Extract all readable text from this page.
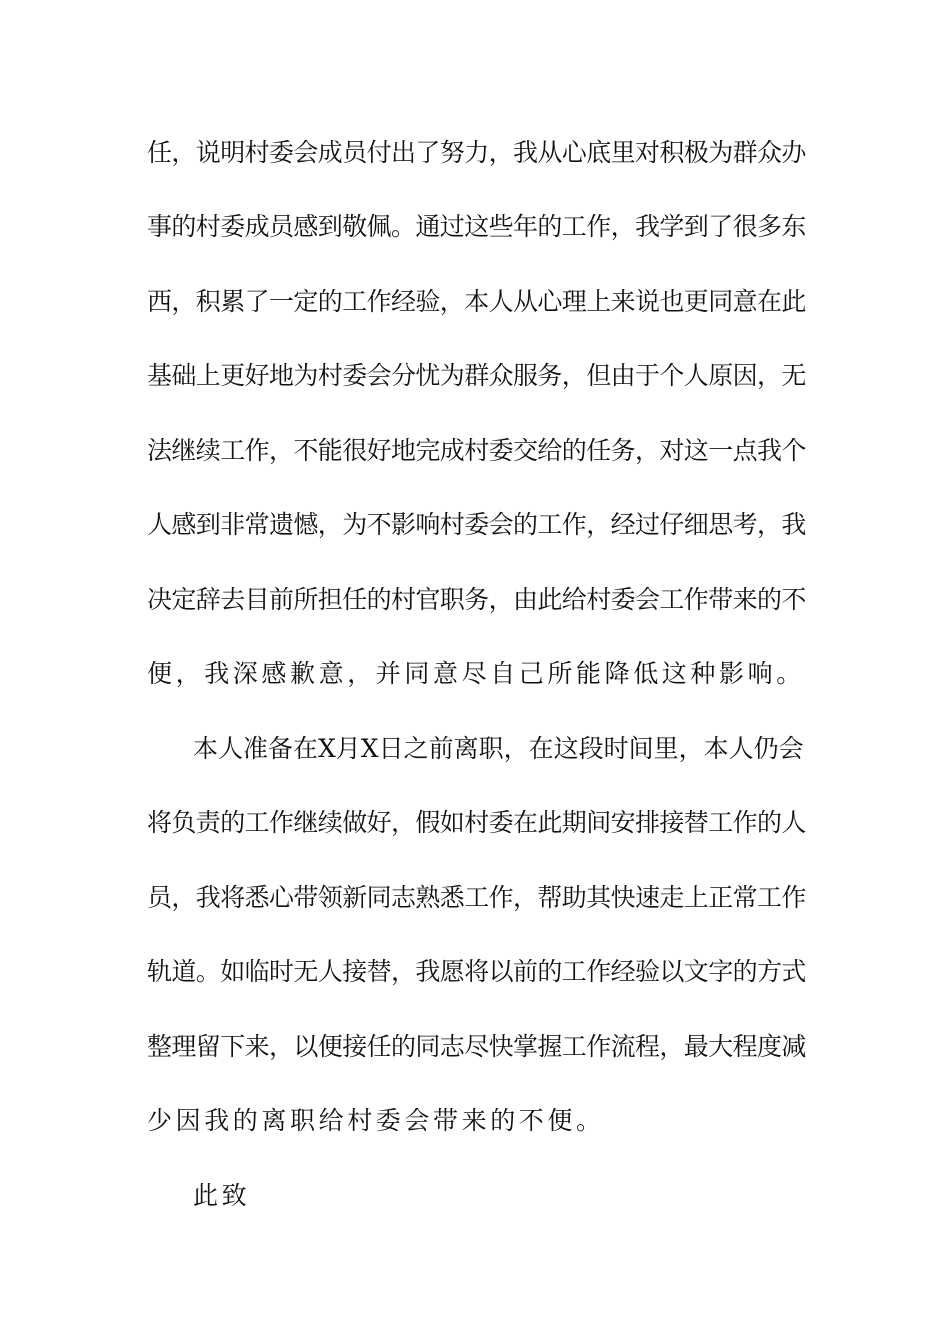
任，说明村委会成员付出了努力，我从心底里对积极为群众办
事的村委成员感到敬佩。通过这些年的工作，我学到了很多东
西，积累了一定的工作经验，本人从心理上来说也更同意在此
基础上更好地为村委会分忧为群众服务，但由于个人原因，无
法继续工作，不能很好地完成村委交给的任务，对这一点我个
人感到非常遗憾，为不影响村委会的工作，经过仔细思考，我
决定辞去目前所担任的村官职务，由此给村委会工作带来的不
便，我深感歉意，并同意尽自己所能降低这种影响。
本人准备在X月X日之前离职，在这段时间里，本人仍会
将负责的工作继续做好，假如村委在此期间安排接替工作的人
员，我将悉心带领新同志熟悉工作，帮助其快速走上正常工作
轨道。如临时无人接替，我愿将以前的工作经验以文字的方式
整理留下来，以便接任的同志尽快掌握工作流程，最大程度减
少因我的离职给村委会带来的不便。
此致
